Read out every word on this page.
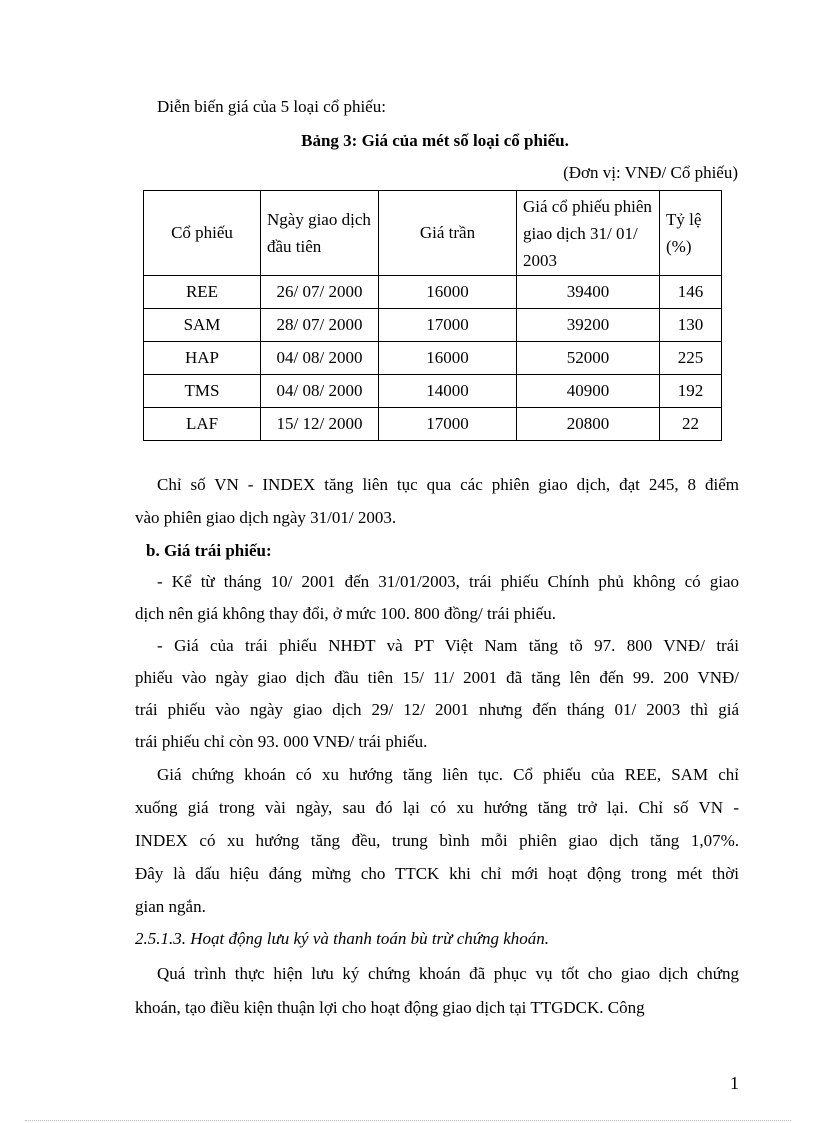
Diễn biến giá của 5 loại cổ phiếu:
Bảng 3: Giá của mét số loại cổ phiếu.
(Đơn vị: VNĐ/ Cổ phiếu)
Cổ phiếu	Ngày giao dịch đầu tiên	Giá trần	Giá cổ phiếu phiên giao dịch 31/ 01/ 2003	Tỷ lệ (%)
REE	26/ 07/ 2000	16000	39400	146
SAM	28/ 07/ 2000	17000	39200	130
HAP	04/ 08/ 2000	16000	52000	225
TMS	04/ 08/ 2000	14000	40900	192
LAF	15/ 12/ 2000	17000	20800	22
Chỉ số VN - INDEX tăng liên tục qua các phiên giao dịch, đạt 245, 8 điểm
vào phiên giao dịch ngày 31/01/ 2003.
b. Giá trái phiếu:
- Kể từ tháng 10/ 2001 đến 31/01/2003, trái phiếu Chính phủ không có giao
dịch nên giá không thay đổi, ở mức 100. 800 đồng/ trái phiếu.
- Giá của trái phiếu NHĐT và PT Việt Nam tăng tõ 97. 800 VNĐ/ trái
phiếu vào ngày giao dịch đầu tiên 15/ 11/ 2001 đã tăng lên đến 99. 200 VNĐ/
trái phiếu vào ngày giao dịch 29/ 12/ 2001 nhưng đến tháng 01/ 2003 thì giá
trái phiếu chỉ còn 93. 000 VNĐ/ trái phiếu.
Giá chứng khoán có xu hướng tăng liên tục. Cổ phiếu của REE, SAM chỉ
xuống giá trong vài ngày, sau đó lại có xu hướng tăng trở lại. Chỉ số VN -
INDEX có xu hướng tăng đều, trung bình mỗi phiên giao dịch tăng 1,07%.
Đây là dấu hiệu đáng mừng cho TTCK khi chỉ mới hoạt động trong mét thời
gian ngắn.
2.5.1.3. Hoạt động lưu ký và thanh toán bù trừ chứng khoán.
Quá trình thực hiện lưu ký chứng khoán đã phục vụ tốt cho giao dịch chứng
khoán, tạo điều kiện thuận lợi cho hoạt động giao dịch tại TTGDCK. Công
1
